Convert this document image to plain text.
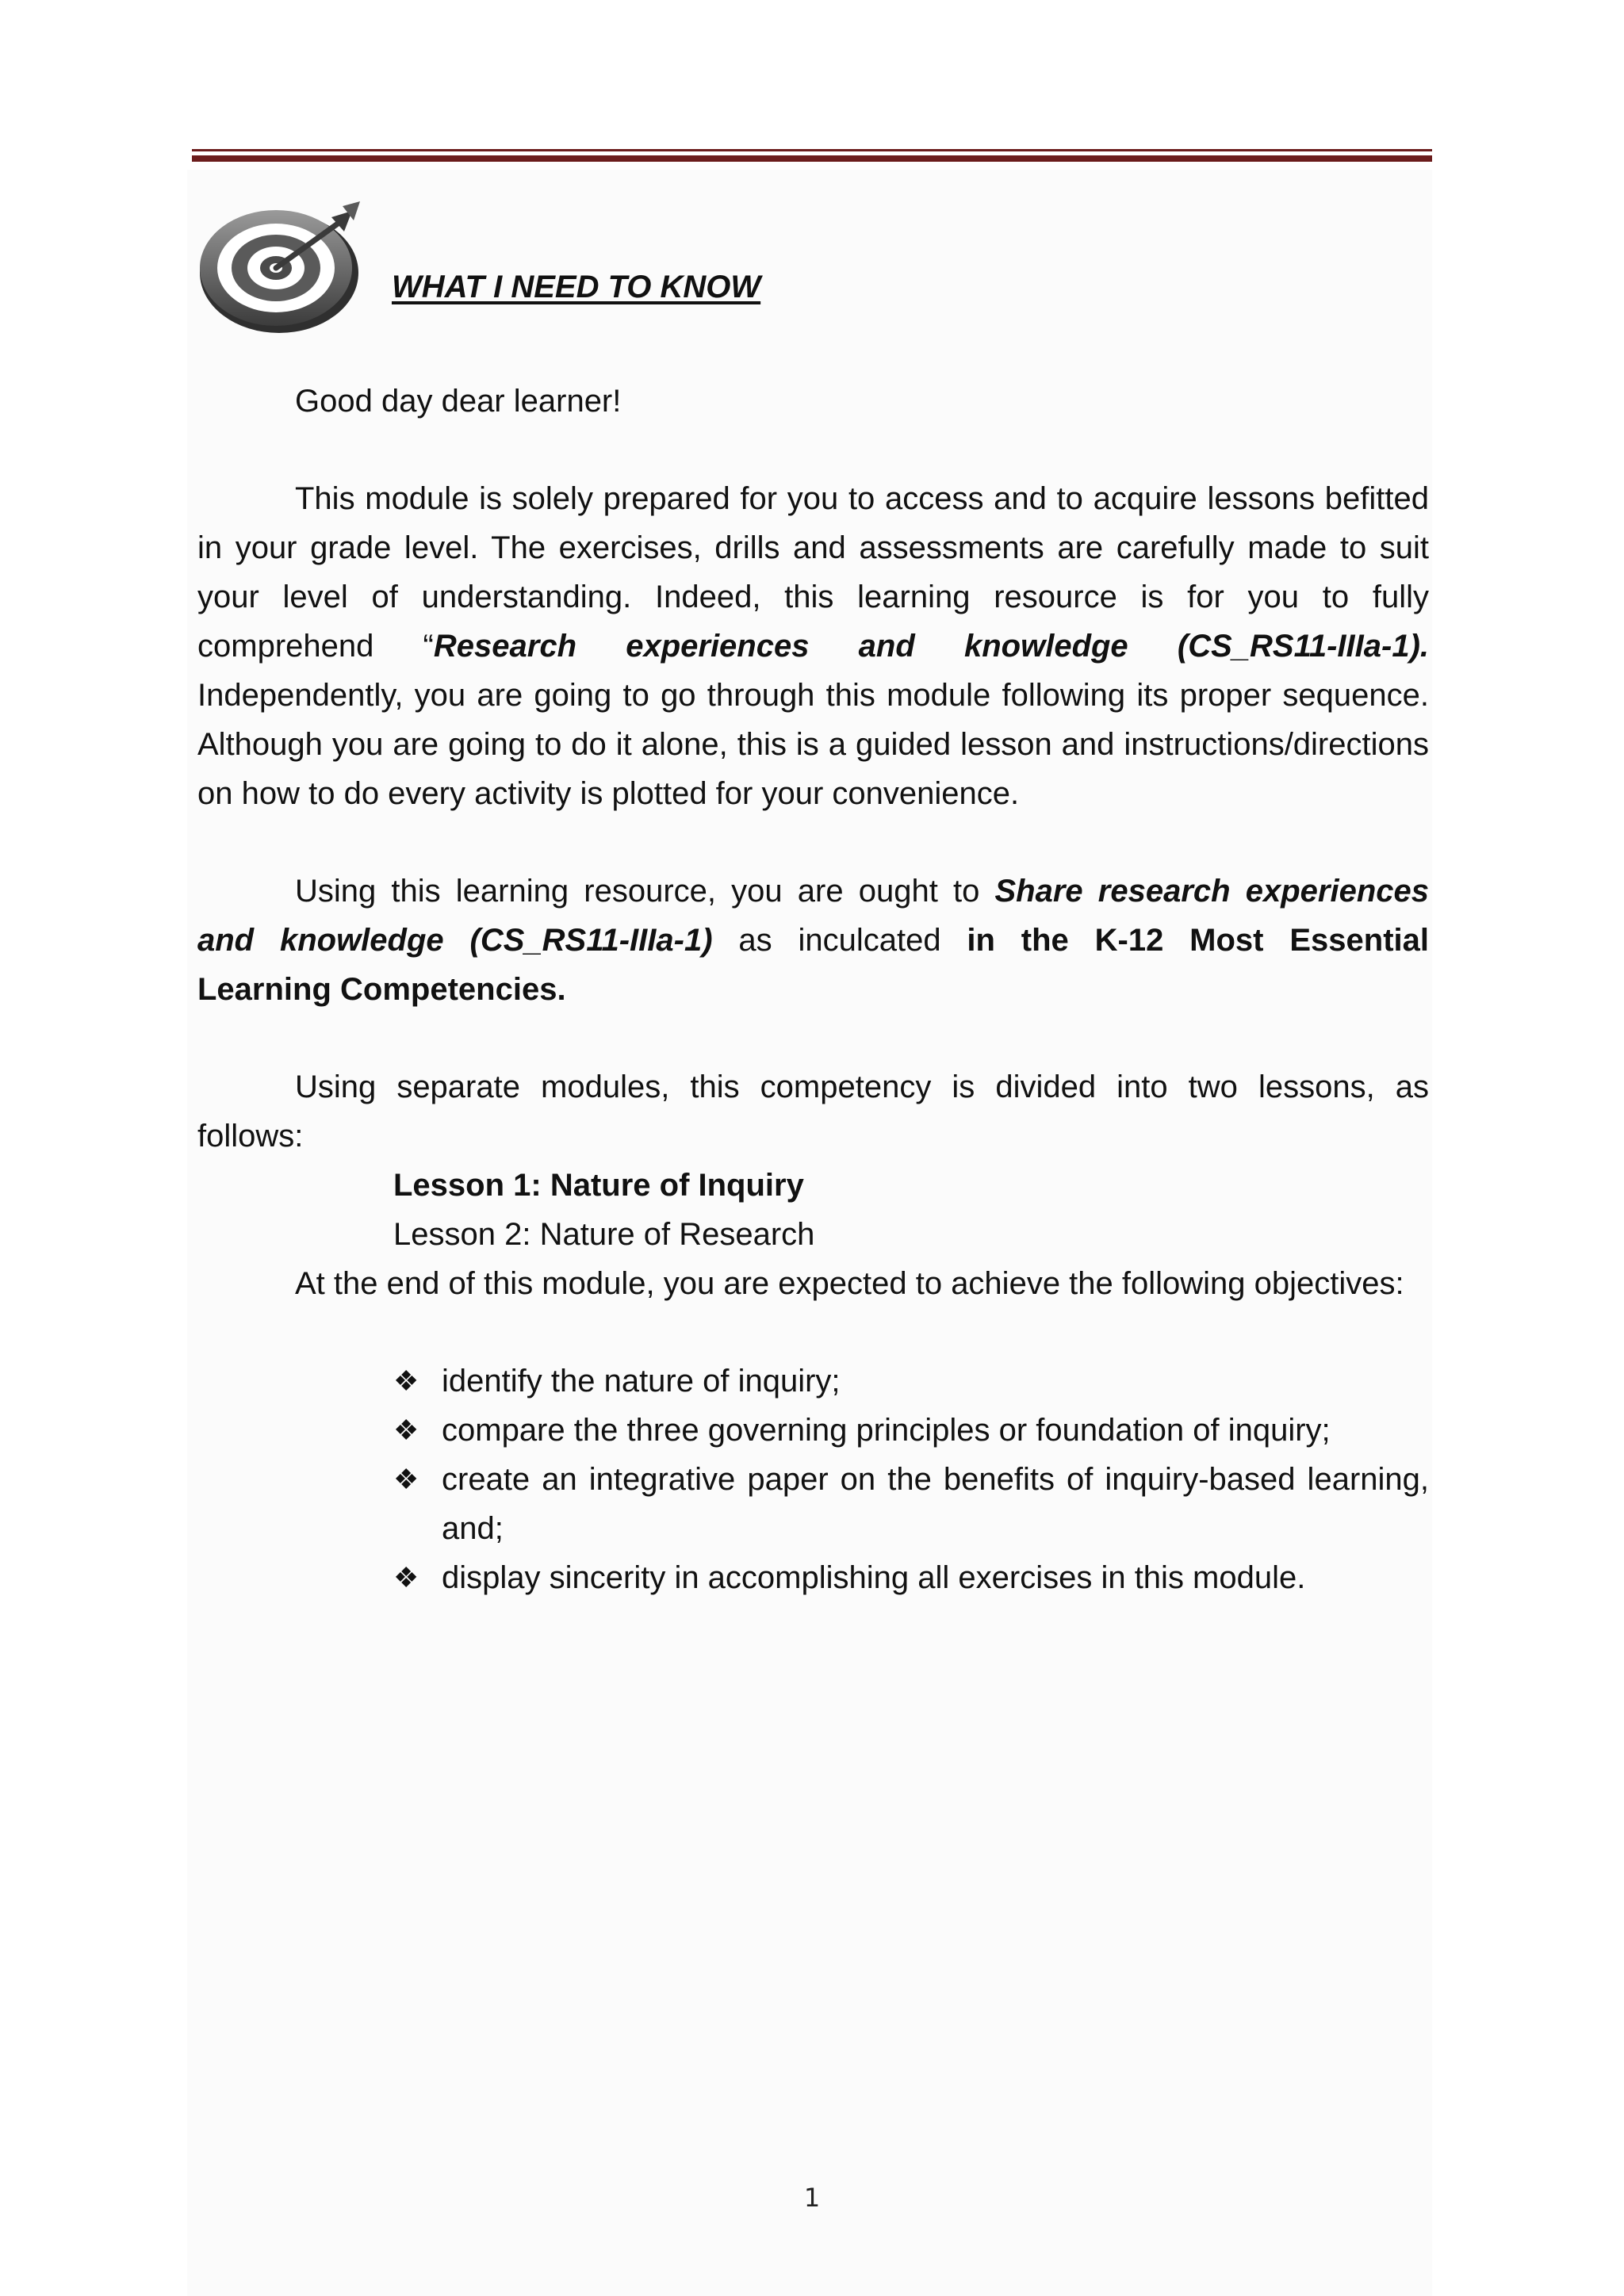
WHAT I NEED TO KNOW
Good day dear learner!
This module is solely prepared for you to access and to acquire lessons befitted
in your grade level. The exercises, drills and assessments are carefully made to suit
your level of understanding. Indeed, this learning resource is for you to fully
comprehend “Research experiences and knowledge (CS_RS11-IIIa-1).
Independently, you are going to go through this module following its proper sequence.
Although you are going to do it alone, this is a guided lesson and instructions/directions
on how to do every activity is plotted for your convenience.
Using this learning resource, you are ought to Share research experiences
and knowledge (CS_RS11-IIIa-1) as inculcated in the K-12 Most Essential
Learning Competencies.
Using separate modules, this competency is divided into two lessons, as
follows:
Lesson 1: Nature of Inquiry
Lesson 2: Nature of Research
At the end of this module, you are expected to achieve the following objectives:
❖ identify the nature of inquiry;
❖ compare the three governing principles or foundation of inquiry;
❖ create an integrative paper on the benefits of inquiry-based learning,
and;
❖ display sincerity in accomplishing all exercises in this module.
1
